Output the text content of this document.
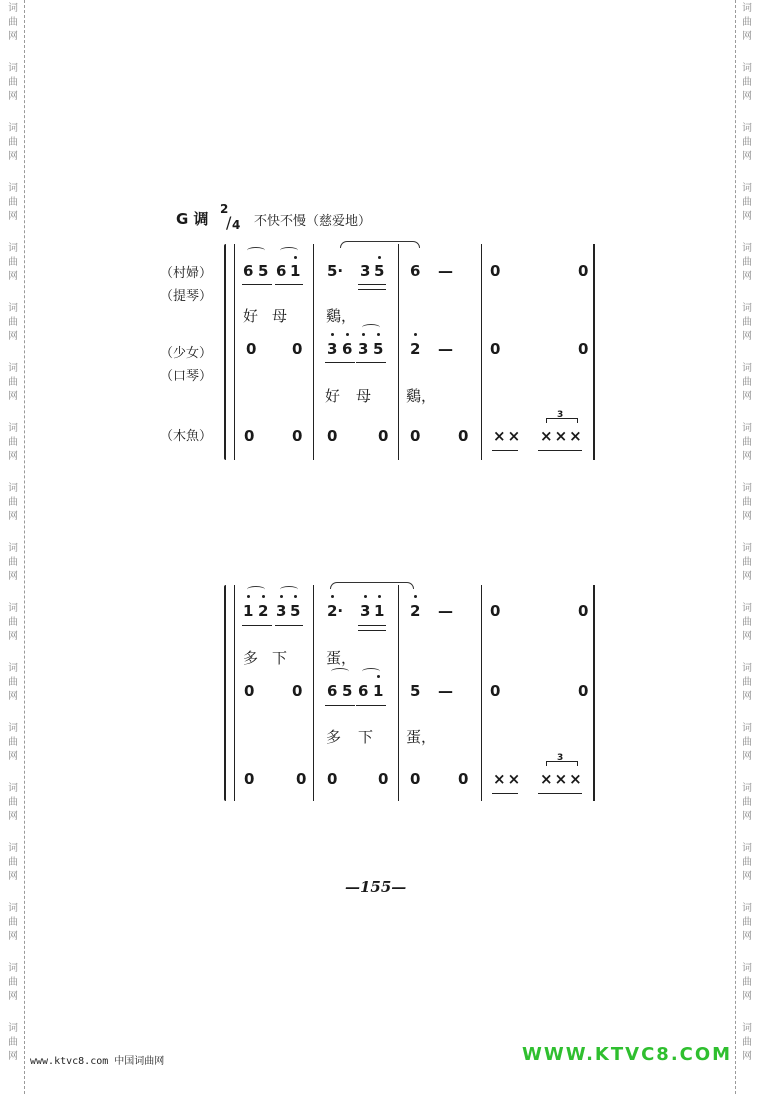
词
曲
网
词
曲
网
词
曲
网
词
曲
网
词
曲
网
词
曲
网
词
曲
网
词
曲
网
词
曲
网
词
曲
网
词
曲
网
词
曲
网
词
曲
网
词
曲
网
词
曲
网
词
曲
网
词
曲
网
词
曲
网
词
曲
网
词
曲
网
词
曲
网
词
曲
网
词
曲
网
词
曲
网
词
曲
网
词
曲
网
词
曲
网
词
曲
网
词
曲
网
词
曲
网
词
曲
网
词
曲
网
词
曲
网
词
曲
网
词
曲
网
词
曲
网
G 调
2
/ 4 不快不慢（慈爱地）
（村婦）
（提琴）
（少女）
（口琴）
（木魚）
6 5 6 1 5· 3 5 6 — 0	0
好 母	鷄，
0 0 3 6 3 5 2 — 0	0
好 母 鷄，
0	0 0	0 0	0 ×× ×××
3
1 2 3 5 2· 3 1 2 — 0	0
多 下	蛋，
0	0 6 5 6 1 5 — 0	0
多 下 蛋，
0	0 0	0 0	0 ×× ×××
3
—155—
www.ktvc8.com 中国词曲网	WWW.KTVC8.COM
